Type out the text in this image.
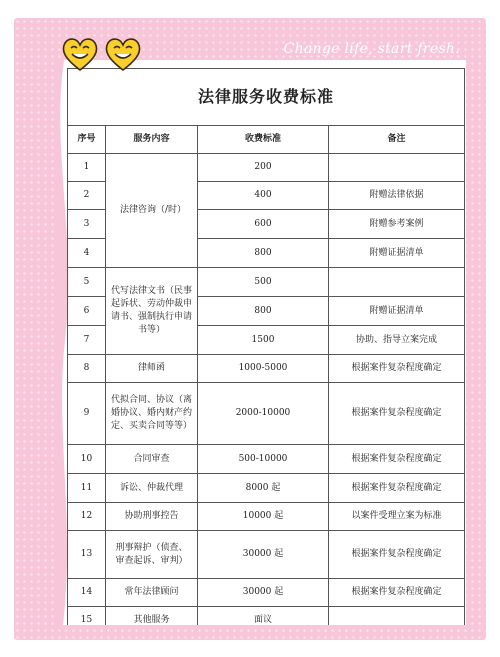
Change life, start fresh.
法律服务收费标准
序号	服务内容	收费标准	备注
1	法律咨询（/时）	200	
2		400	附赠法律依据
3		600	附赠参考案例
4		800	附赠证据清单
5	代写法律文书（民事起诉状、劳动仲裁申请书、强制执行申请书等）	500	
6		800	附赠证据清单
7		1500	协助、指导立案完成
8	律师函	1000-5000	根据案件复杂程度确定
9	代拟合同、协议（离婚协议、婚内财产约定、买卖合同等等）	2000-10000	根据案件复杂程度确定
10	合同审查	500-10000	根据案件复杂程度确定
11	诉讼、仲裁代理	8000 起	根据案件复杂程度确定
12	协助刑事控告	10000 起	以案件受理立案为标准
13	刑事辩护（侦查、审查起诉、审判）	30000 起	根据案件复杂程度确定
14	常年法律顾问	30000 起	根据案件复杂程度确定
15	其他服务	面议	
